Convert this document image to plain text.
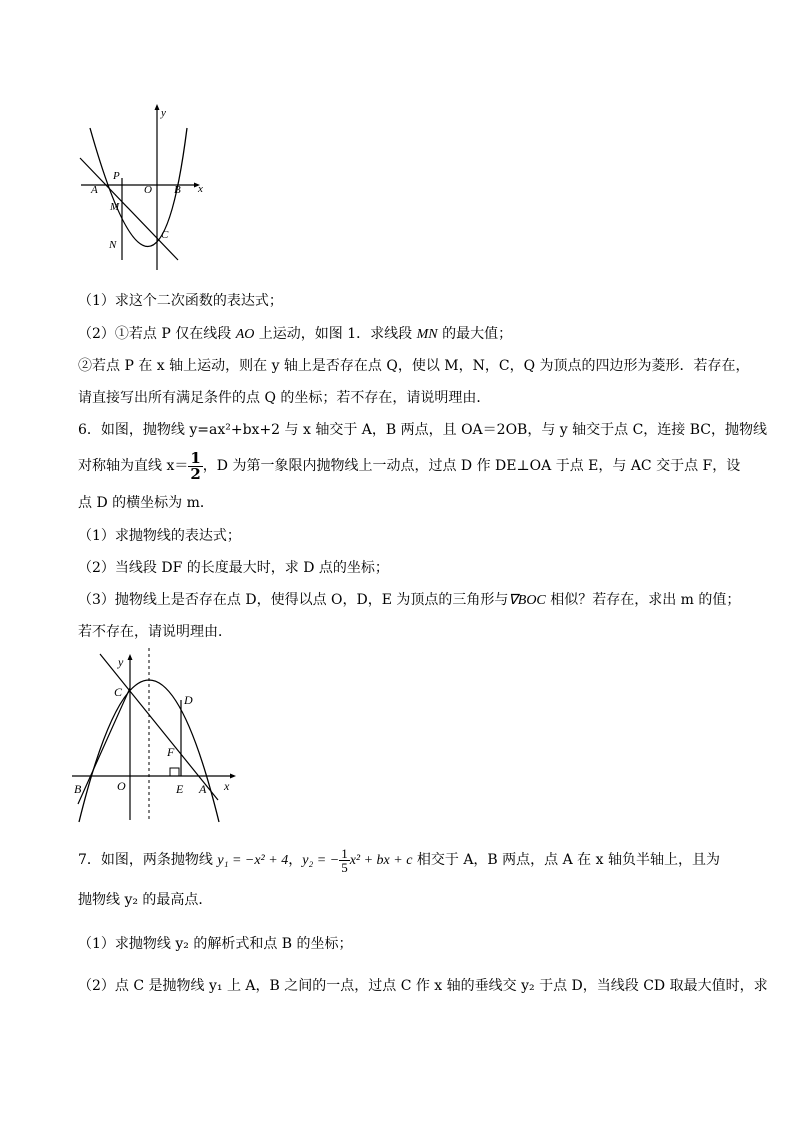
y
x
P
O B
A
M
N
C
（1）求这个二次函数的表达式；
（2）①若点 P 仅在线段 AO 上运动，如图 1．求线段 MN 的最大值；
②若点 P 在 x 轴上运动，则在 y 轴上是否存在点 Q，使以 M，N，C，Q 为顶点的四边形为菱形．若存在，
请直接写出所有满足条件的点 Q 的坐标；若不存在，请说明理由．
6．如图，抛物线 y=ax²+bx+2 与 x 轴交于 A，B 两点，且 OA＝2OB，与 y 轴交于点 C，连接 BC，抛物线
对称轴为直线 $x= \frac{1}{2}$ ，D 为第一象限内抛物线上一动点，过点 D 作 DE⊥OA 于点 E，与 AC 交于点 F，设
点 D 的横坐标为 m．
（1）求抛物线的表达式；
（2）当线段 DF 的长度最大时，求 D 点的坐标；
（3）抛物线上是否存在点 D，使得以点 O，D，E 为顶点的三角形与∇BOC 相似？若存在，求出 m 的值；
若不存在，请说明理由．
y
C
D
F
B	O	E A x
7．如图，两条抛物线 y₁ = −x² + 4，y₂ = − $\frac{1}{5} x^2$ + bx + c 相交于 A，B 两点，点 A 在 x 轴负半轴上，且为
抛物线 y₂ 的最高点．
（1）求抛物线 y₂ 的解析式和点 B 的坐标；
（2）点 C 是抛物线 y₁ 上 A，B 之间的一点，过点 C 作 x 轴的垂线交 y₂ 于点 D，当线段 CD 取最大值时，求
